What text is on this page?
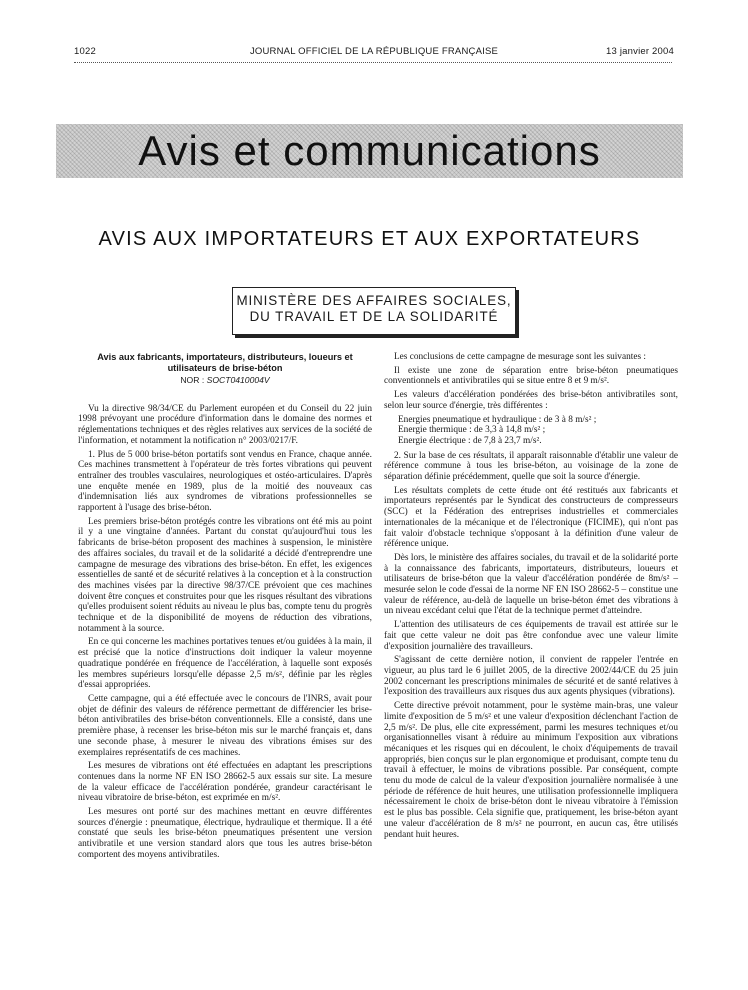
1022	JOURNAL OFFICIEL DE LA RÉPUBLIQUE FRANÇAISE	13 janvier 2004
Avis et communications
AVIS AUX IMPORTATEURS ET AUX EXPORTATEURS
MINISTÈRE DES AFFAIRES SOCIALES,
DU TRAVAIL ET DE LA SOLIDARITÉ
Avis aux fabricants, importateurs, distributeurs, loueurs et utilisateurs de brise-béton
NOR : SOCT0410004V

Vu la directive 98/34/CE du Parlement européen et du Conseil du 22 juin 1998 prévoyant une procédure d'information dans le domaine des normes et réglementations techniques et des règles relatives aux services de la société de l'information, et notamment la notification n° 2003/0217/F.

1. Plus de 5 000 brise-béton portatifs sont vendus en France, chaque année. Ces machines transmettent à l'opérateur de très fortes vibrations qui peuvent entraîner des troubles vasculaires, neurologiques et ostéo-articulaires. D'après une enquête menée en 1989, plus de la moitié des nouveaux cas d'indemnisation liés aux syndromes de vibrations professionnelles se rapportent à l'usage des brise-béton.

Les premiers brise-béton protégés contre les vibrations ont été mis au point il y a une vingtaine d'années. Partant du constat qu'aujourd'hui tous les fabricants de brise-béton proposent des machines à suspension, le ministère des affaires sociales, du travail et de la solidarité a décidé d'entreprendre une campagne de mesurage des vibrations des brise-béton. En effet, les exigences essentielles de santé et de sécurité relatives à la conception et à la construction des machines visées par la directive 98/37/CE prévoient que ces machines doivent être conçues et construites pour que les risques résultant des vibrations qu'elles produisent soient réduits au niveau le plus bas, compte tenu du progrès technique et de la disponibilité de moyens de réduction des vibrations, notamment à la source.

En ce qui concerne les machines portatives tenues et/ou guidées à la main, il est précisé que la notice d'instructions doit indiquer la valeur moyenne quadratique pondérée en fréquence de l'accélération, à laquelle sont exposés les membres supérieurs lorsqu'elle dépasse 2,5 m/s², définie par les règles d'essai appropriées.

Cette campagne, qui a été effectuée avec le concours de l'INRS, avait pour objet de définir des valeurs de référence permettant de différencier les brise-béton antivibratiles des brise-béton conventionnels. Elle a consisté, dans une première phase, à recenser les brise-béton mis sur le marché français et, dans une seconde phase, à mesurer le niveau des vibrations émises sur des exemplaires représentatifs de ces machines.

Les mesures de vibrations ont été effectuées en adaptant les prescriptions contenues dans la norme NF EN ISO 28662-5 aux essais sur site. La mesure de la valeur efficace de l'accélération pondérée, grandeur caractérisant le niveau vibratoire de brise-béton, est exprimée en m/s².

Les mesures ont porté sur des machines mettant en œuvre différentes sources d'énergie : pneumatique, électrique, hydraulique et thermique. Il a été constaté que seuls les brise-béton pneumatiques présentent une version antivibratile et une version standard alors que tous les autres brise-béton comportent des moyens antivibratiles.

Les conclusions de cette campagne de mesurage sont les suivantes :

Il existe une zone de séparation entre brise-béton pneumatiques conventionnels et antivibratiles qui se situe entre 8 et 9 m/s².

Les valeurs d'accélération pondérées des brise-béton antivibratiles sont, selon leur source d'énergie, très différentes :

Energies pneumatique et hydraulique : de 3 à 8 m/s² ;
Energie thermique : de 3,3 à 14,8 m/s² ;
Energie électrique : de 7,8 à 23,7 m/s².

2. Sur la base de ces résultats, il apparaît raisonnable d'établir une valeur de référence commune à tous les brise-béton, au voisinage de la zone de séparation définie précédemment, quelle que soit la source d'énergie.

Les résultats complets de cette étude ont été restitués aux fabricants et importateurs représentés par le Syndicat des constructeurs de compresseurs (SCC) et la Fédération des entreprises industrielles et commerciales internationales de la mécanique et de l'électronique (FICIME), qui n'ont pas fait valoir d'obstacle technique s'opposant à la définition d'une valeur de référence unique.

Dès lors, le ministère des affaires sociales, du travail et de la solidarité porte à la connaissance des fabricants, importateurs, distributeurs, loueurs et utilisateurs de brise-béton que la valeur d'accélération pondérée de 8m/s² – mesurée selon le code d'essai de la norme NF EN ISO 28662-5 – constitue une valeur de référence, au-delà de laquelle un brise-béton émet des vibrations à un niveau excédant celui que l'état de la technique permet d'atteindre.

L'attention des utilisateurs de ces équipements de travail est attirée sur le fait que cette valeur ne doit pas être confondue avec une valeur limite d'exposition journalière des travailleurs.

S'agissant de cette dernière notion, il convient de rappeler l'entrée en vigueur, au plus tard le 6 juillet 2005, de la directive 2002/44/CE du 25 juin 2002 concernant les prescriptions minimales de sécurité et de santé relatives à l'exposition des travailleurs aux risques dus aux agents physiques (vibrations).

Cette directive prévoit notamment, pour le système main-bras, une valeur limite d'exposition de 5 m/s² et une valeur d'exposition déclenchant l'action de 2,5 m/s². De plus, elle cite expressément, parmi les mesures techniques et/ou organisationnelles visant à réduire au minimum l'exposition aux vibrations mécaniques et les risques qui en découlent, le choix d'équipements de travail appropriés, bien conçus sur le plan ergonomique et produisant, compte tenu du travail à effectuer, le moins de vibrations possible. Par conséquent, compte tenu du mode de calcul de la valeur d'exposition journalière normalisée à une période de référence de huit heures, une utilisation professionnelle impliquera nécessairement le choix de brise-béton dont le niveau vibratoire à l'émission est le plus bas possible. Cela signifie que, pratiquement, les brise-béton ayant une valeur d'accélération de 8 m/s² ne pourront, en aucun cas, être utilisés pendant huit heures.
